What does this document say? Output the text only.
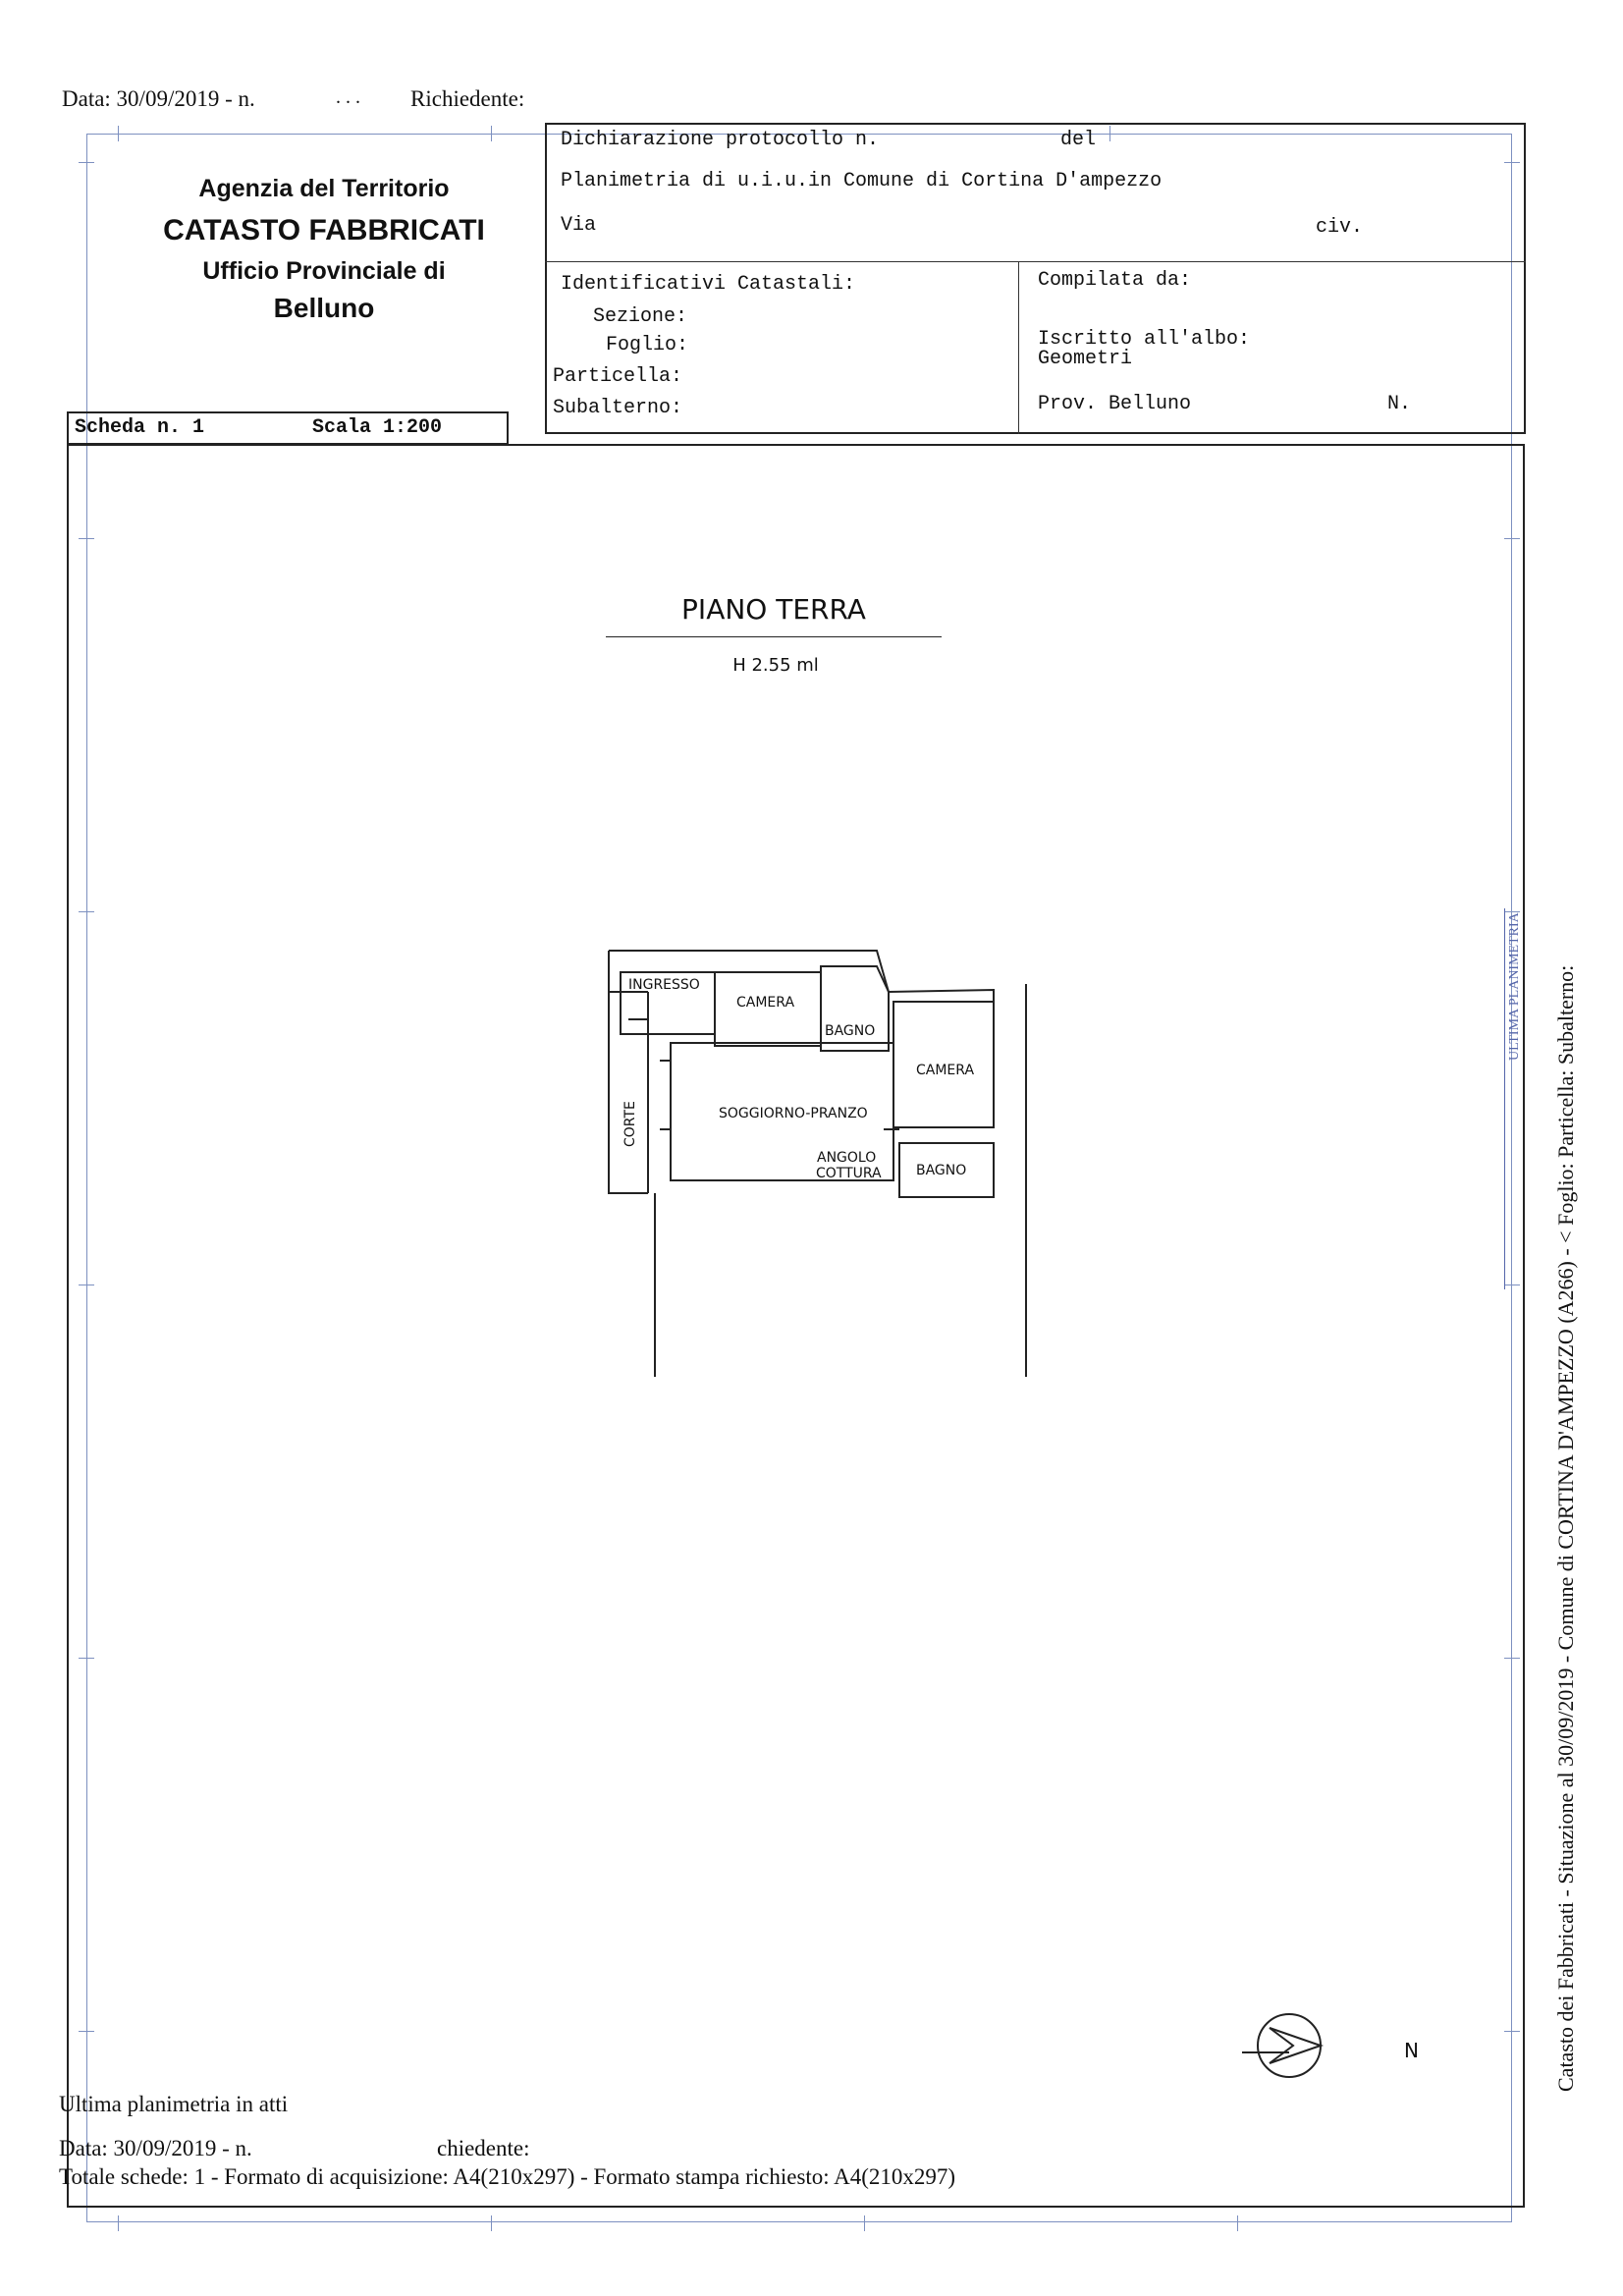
Data: 30/09/2019 - n.	. . . Richiedente:
Agenzia del Territorio
CATASTO FABBRICATI
Ufficio Provinciale di
Belluno
Dichiarazione protocollo n.	del
Planimetria di u.i.u.in Comune di Cortina D'ampezzo
Via	civ.
Identificativi Catastali:
Sezione:
Foglio:
Particella:
Subalterno:
Compilata da:
Iscritto all'albo:
Geometri
Prov. Belluno	N.
Scheda n. 1	Scala 1:200
PIANO TERRA
H 2.55 ml
INGRESSO
CAMERA
BAGNO
CAMERA
SOGGIORNO-PRANZO
ANGOLO
COTTURA	BAGNO
CORTE
N	Catasto dei Fabbricati - Situazione al 30/09/2019 - Comune di CORTINA D'AMPEZZO (A266) - < Foglio: Particella: Subalterno:
ULTIMA PLANIMETRIA
Ultima planimetria in atti
Data: 30/09/2019 - n.	chiedente:
Totale schede: 1 - Formato di acquisizione: A4(210x297) - Formato stampa richiesto: A4(210x297)
